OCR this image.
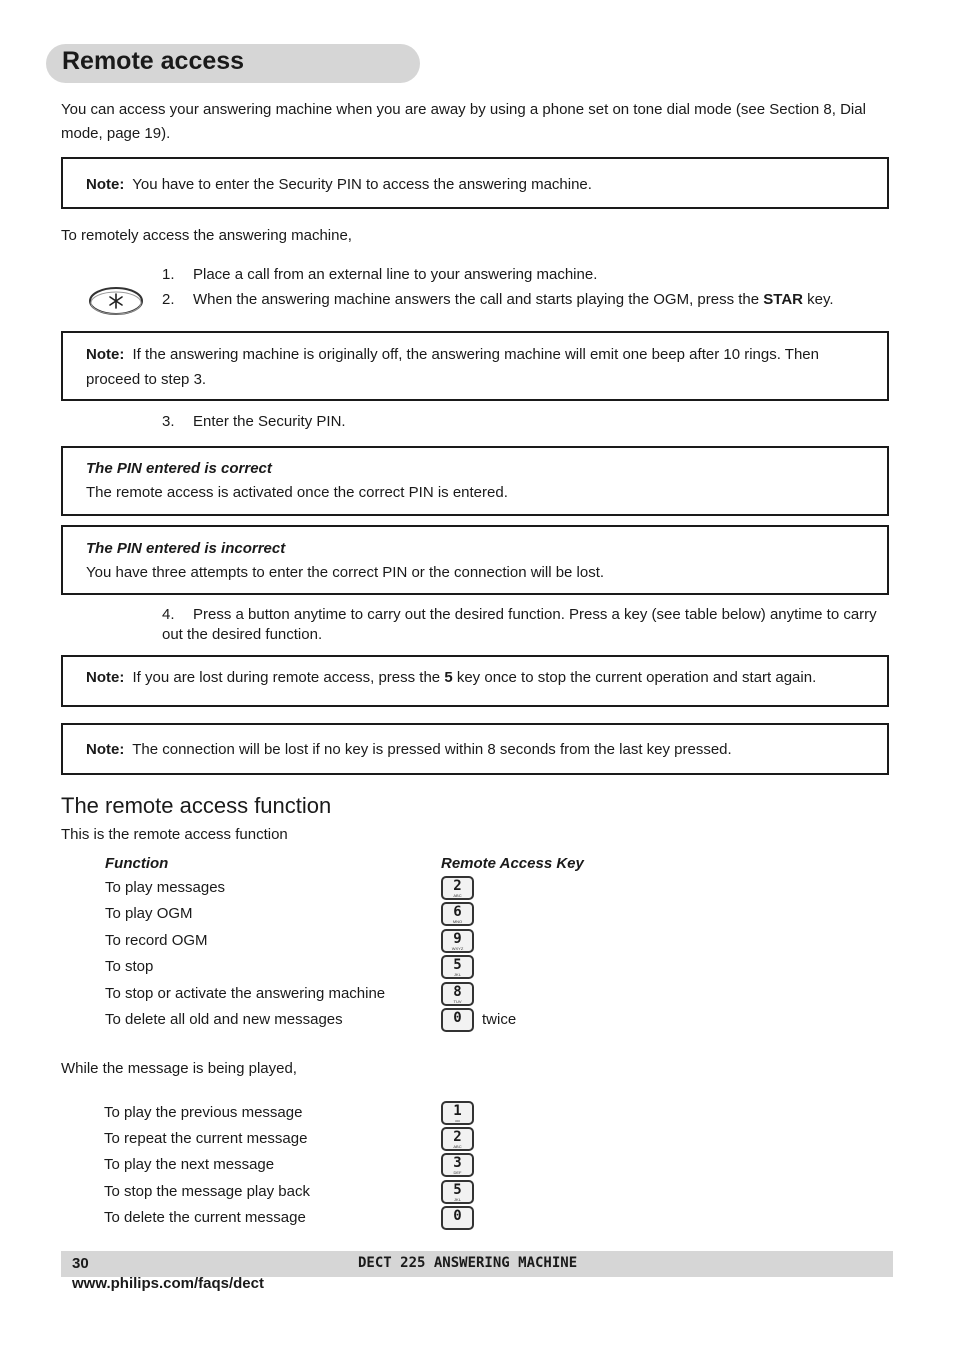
Remote access
You can access your answering machine when you are away by using a phone set on tone dial mode (see Section 8, Dial mode, page 19).
Note: You have to enter the Security PIN to access the answering machine.
To remotely access the answering machine,
1. Place a call from an external line to your answering machine.
2. When the answering machine answers the call and starts playing the OGM, press the STAR key.
Note: If the answering machine is originally off, the answering machine will emit one beep after 10 rings. Then proceed to step 3.
3. Enter the Security PIN.
The PIN entered is correct
The remote access is activated once the correct PIN is entered.
The PIN entered is incorrect
You have three attempts to enter the correct PIN or the connection will be lost.
4. Press a button anytime to carry out the desired function. Press a key (see table below) anytime to carry out the desired function.
Note: If you are lost during remote access, press the 5 key once to stop the current operation and start again.
Note: The connection will be lost if no key is pressed within 8 seconds from the last key pressed.
The remote access function
This is the remote access function
Function	Remote Access Key
To play messages	2
ABC
To play OGM	6
MNO
To record OGM	9
WXYZ
To stop	5
JKL
To stop or activate the answering machine	8
TUV
To delete all old and new messages	0	twice
While the message is being played,
To play the previous message	1
oo
To repeat the current message	2
ABC
To play the next message	3
DEF
To stop the message play back	5
JKL
To delete the current message	0
30	DECT 225 ANSWERING MACHINE
www.philips.com/faqs/dect
